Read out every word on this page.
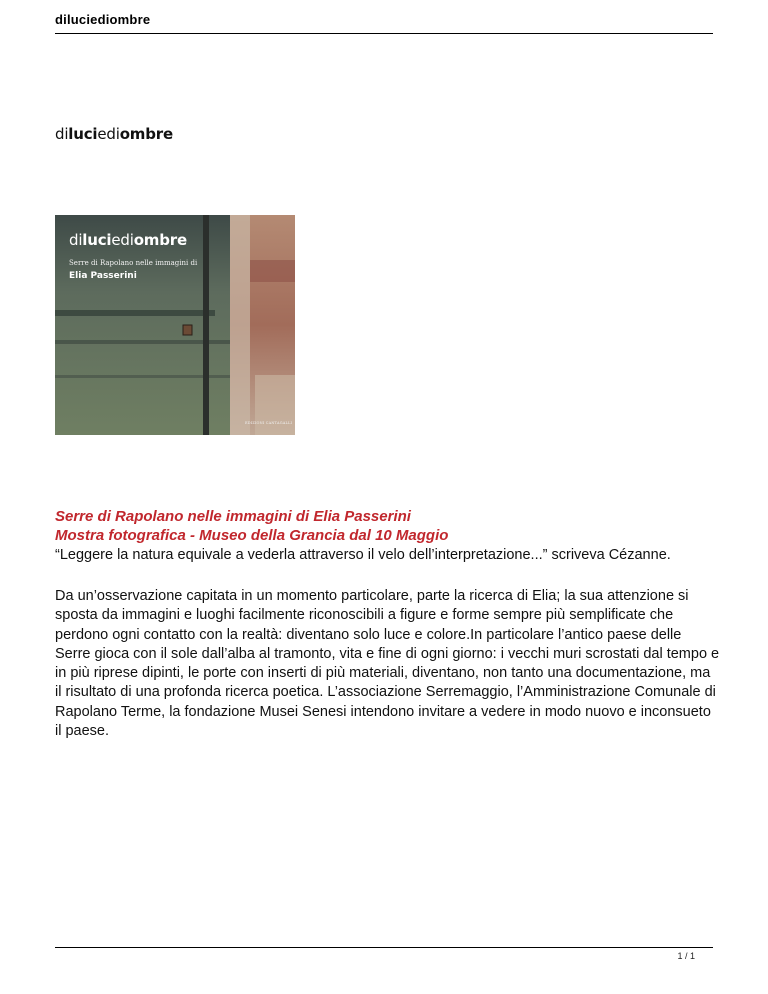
diluciediombre
diluciediombre
diluciediombre
Serre di Rapolano nelle immagini di
Elia Passerini
EDIZIONI CANTAGALLI
Serre di Rapolano nelle immagini di Elia Passerini
Mostra fotografica - Museo della Grancia dal 10 Maggio
“Leggere la natura equivale a vederla attraverso il velo dell’interpretazione...” scriveva Cézanne.
Da un’osservazione capitata in un momento particolare, parte la ricerca di Elia; la sua attenzione si sposta da immagini e luoghi facilmente riconoscibili a figure e forme sempre più semplificate che perdono ogni contatto con la realtà: diventano solo luce e colore.In particolare l’antico paese delle Serre gioca con il sole dall’alba al tramonto, vita e fine di ogni giorno: i vecchi muri scrostati dal tempo e in più riprese dipinti, le porte con inserti di più materiali, diventano, non tanto una documentazione, ma il risultato di una profonda ricerca poetica. L’associazione Serremaggio, l’Amministrazione Comunale di Rapolano Terme, la fondazione Musei Senesi intendono invitare a vedere in modo nuovo e inconsueto il paese.
1 / 1
